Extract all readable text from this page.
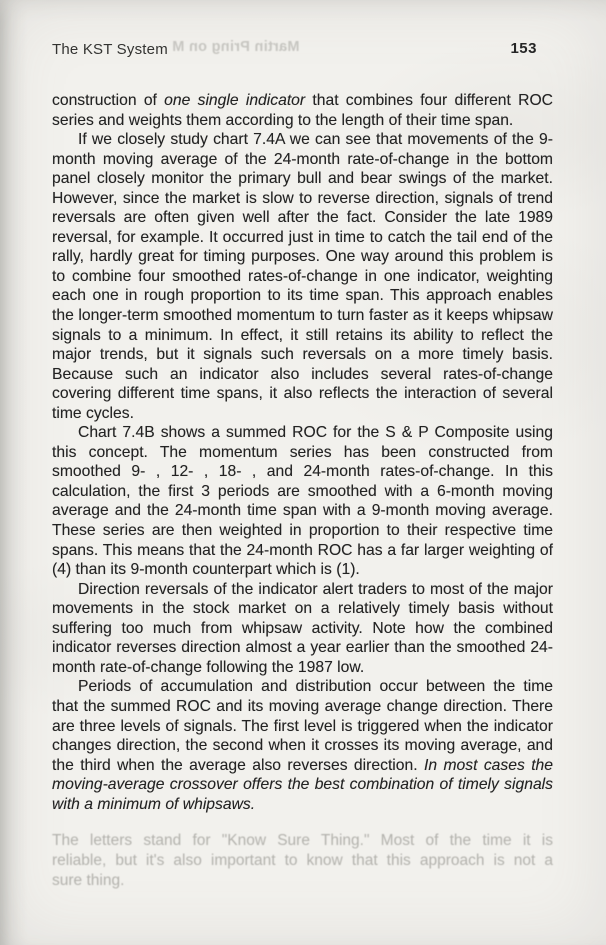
Martin Pring on M
The KST System	153
The letters stand for "Know Sure Thing." Most of the time it is
reliable, but it's also important to know that this approach is not a
sure thing.

construction of one single indicator that combines four different ROC series and weights them according to the length of their time span.

If we closely study chart 7.4A we can see that movements of the 9-month moving average of the 24-month rate-of-change in the bottom panel closely monitor the primary bull and bear swings of the market. However, since the market is slow to reverse direction, signals of trend reversals are often given well after the fact. Consider the late 1989 reversal, for example. It occurred just in time to catch the tail end of the rally, hardly great for timing purposes. One way around this problem is to combine four smoothed rates-of-change in one indicator, weighting each one in rough proportion to its time span. This approach enables the longer-term smoothed momentum to turn faster as it keeps whipsaw signals to a minimum. In effect, it still retains its ability to reflect the major trends, but it signals such reversals on a more timely basis. Because such an indicator also includes several rates-of-change covering different time spans, it also reflects the interaction of several time cycles.

Chart 7.4B shows a summed ROC for the S & P Composite using this concept. The momentum series has been constructed from smoothed 9- , 12- , 18- , and 24-month rates-of-change. In this calculation, the first 3 periods are smoothed with a 6-month moving average and the 24-month time span with a 9-month moving average. These series are then weighted in proportion to their respective time spans. This means that the 24-month ROC has a far larger weighting of (4) than its 9-month counterpart which is (1).

Direction reversals of the indicator alert traders to most of the major movements in the stock market on a relatively timely basis without suffering too much from whipsaw activity. Note how the combined indicator reverses direction almost a year earlier than the smoothed 24-month rate-of-change following the 1987 low.

Periods of accumulation and distribution occur between the time that the summed ROC and its moving average change direction. There are three levels of signals. The first level is triggered when the indicator changes direction, the second when it crosses its moving average, and the third when the average also reverses direction. In most cases the moving-average crossover offers the best combination of timely signals with a minimum of whipsaws.
